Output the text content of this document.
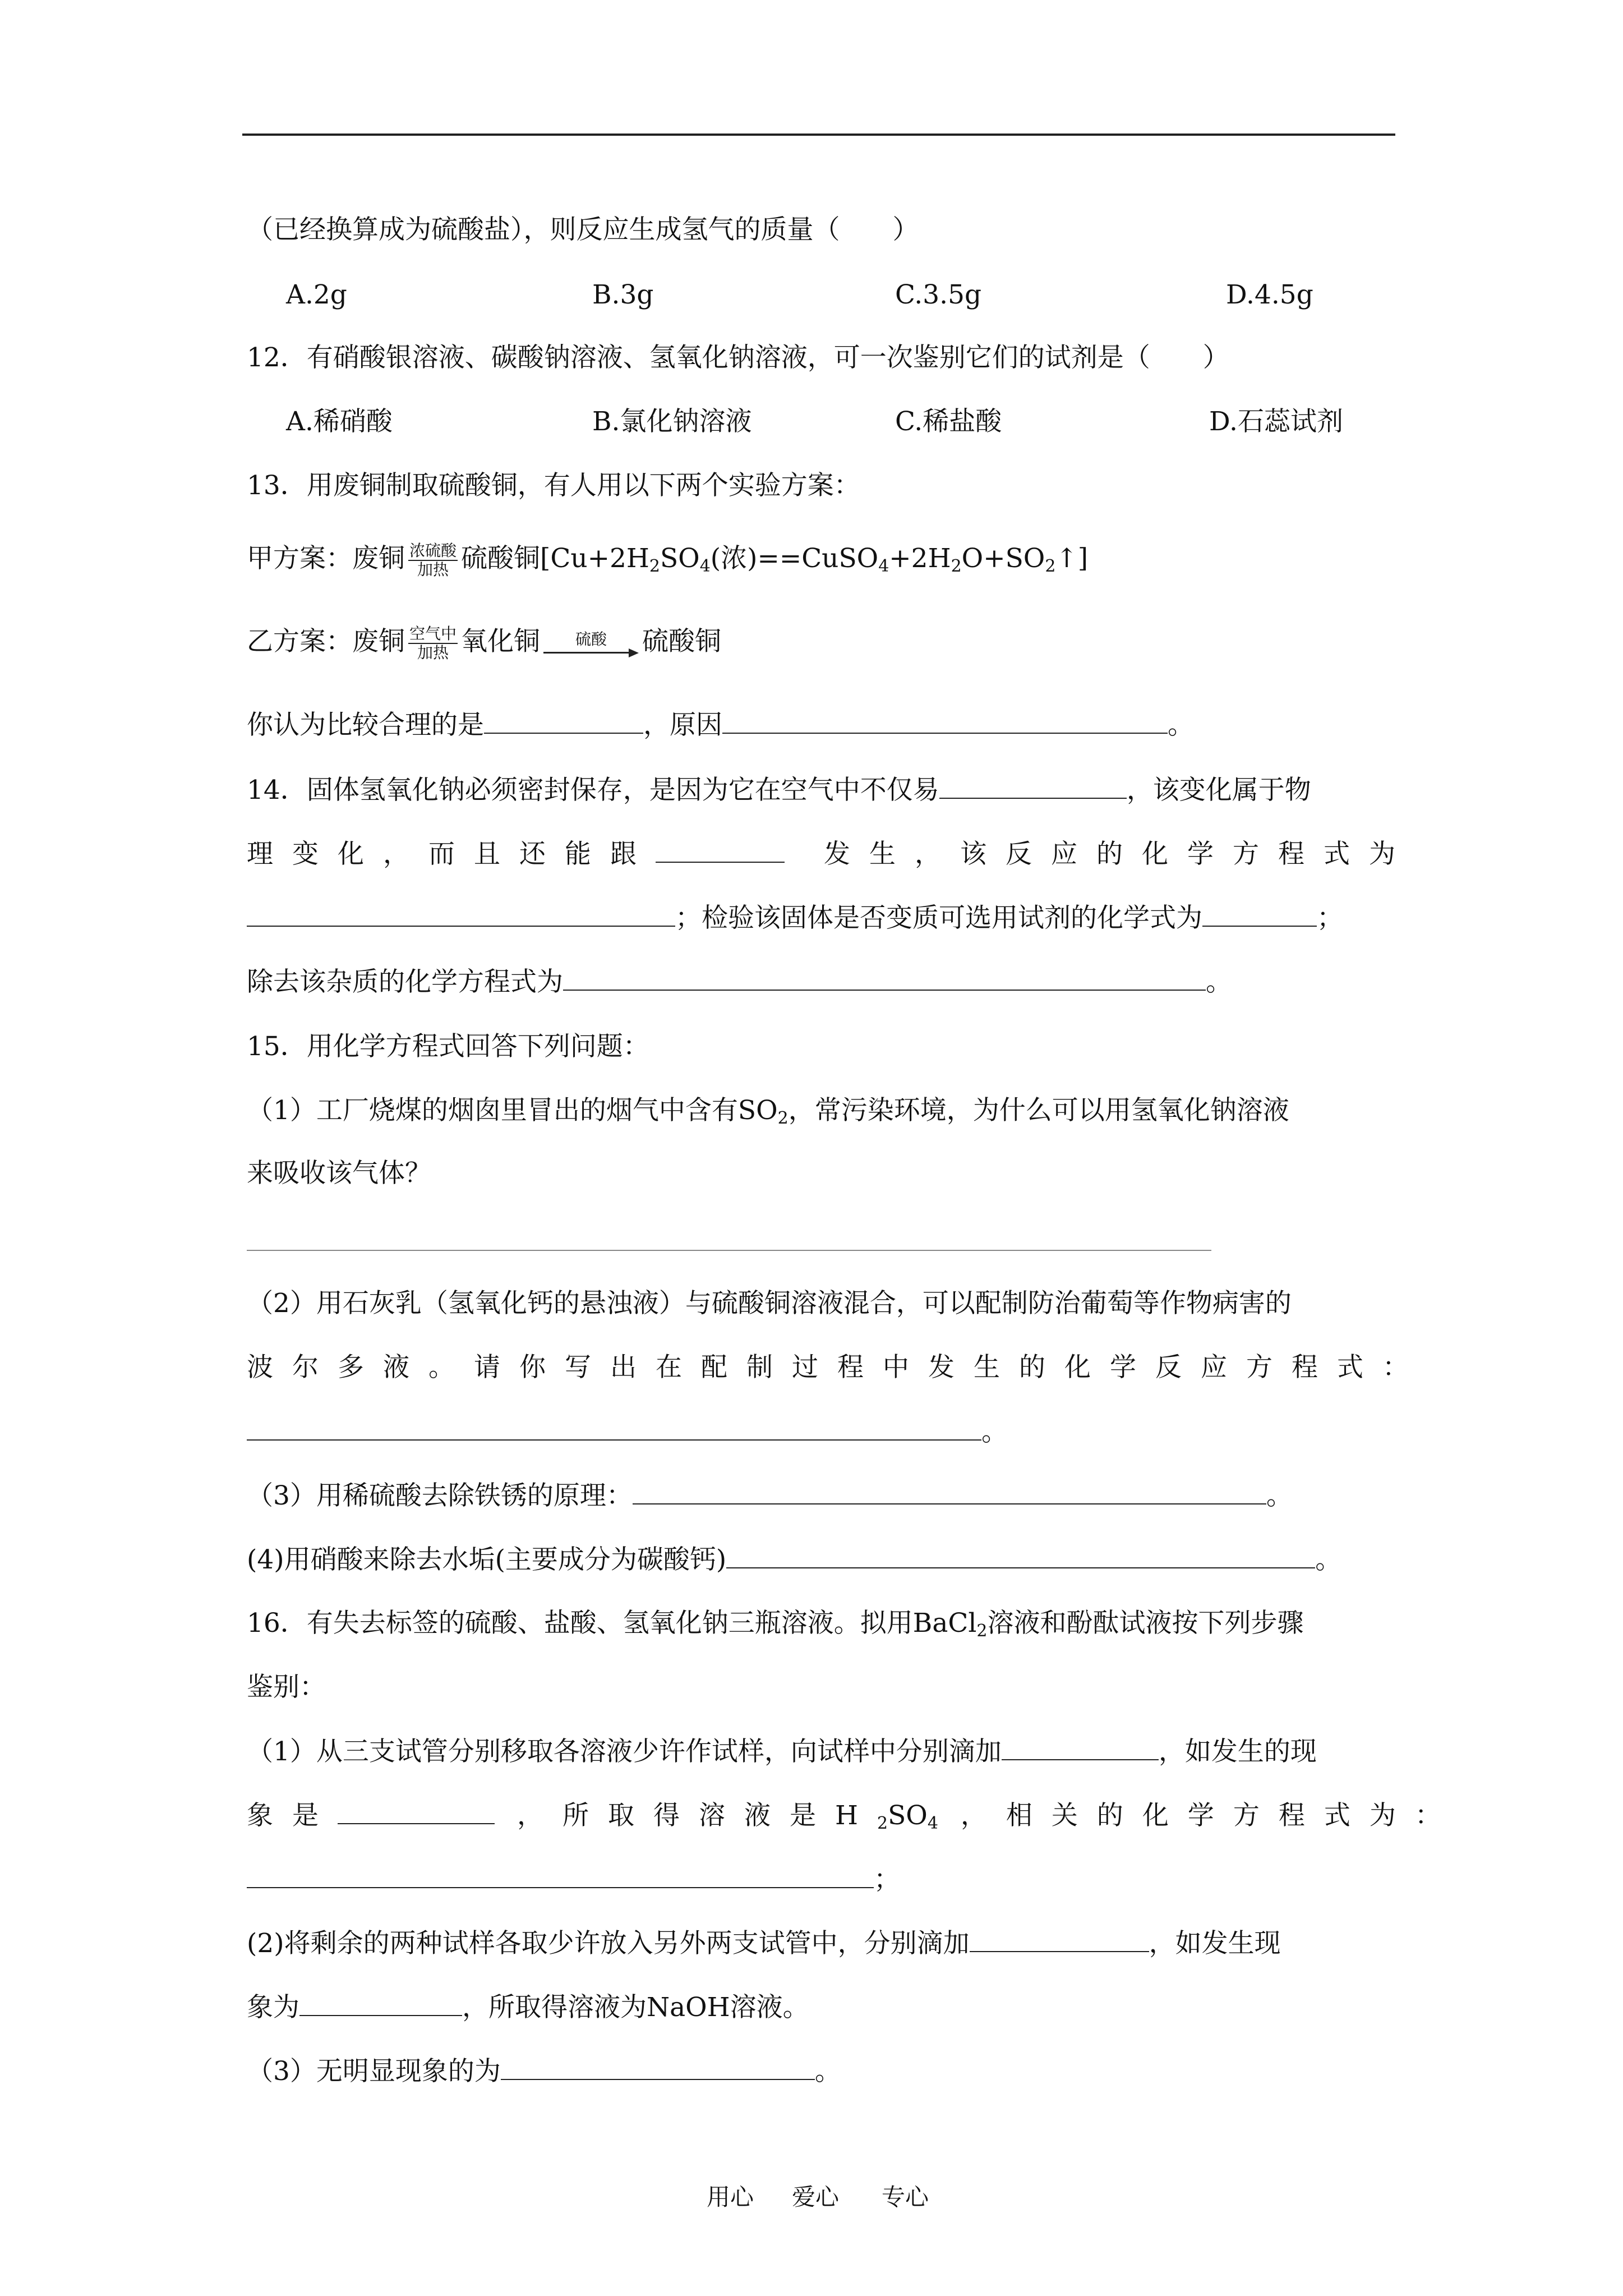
（已经换算成为硫酸盐），则反应生成氢气的质量（　　）
A.2g	B.3g	C.3.5g	D.4.5g
12．有硝酸银溶液、碳酸钠溶液、氢氧化钠溶液，可一次鉴别它们的试剂是（　　）
A.稀硝酸	B.氯化钠溶液	C.稀盐酸	D.石蕊试剂
13．用废铜制取硫酸铜，有人用以下两个实验方案：
甲方案：废铜 $\frac{\text{浓硫酸}}{\text{加热}}$ 硫酸铜[$Cu+2H_2SO_4$(浓)$==CuSO_4+2H_2O+SO_2↑$]
乙方案：废铜 $\frac{\text{空气中}}{\text{加热}}$ 氧化铜	硫酸	硫酸铜
你认为比较合理的是	，原因	。
14．固体氢氧化钠必须密封保存，是因为它在空气中不仅易	，该变化属于物
理变化，而且还能跟	发生，该反应的化学方程式为
；检验该固体是否变质可选用试剂的化学式为	；
除去该杂质的化学方程式为	。
15．用化学方程式回答下列问题：
（1）工厂烧煤的烟囱里冒出的烟气中含有$SO_2$，常污染环境，为什么可以用氢氧化钠溶液
来吸收该气体？
（2）用石灰乳（氢氧化钙的悬浊液）与硫酸铜溶液混合，可以配制防治葡萄等作物病害的
波尔多液。请你写出在配制过程中发生的化学反应方程式：
。
（3）用稀硫酸去除铁锈的原理：	。
(4)用硝酸来除去水垢(主要成分为碳酸钙)	。
16．有失去标签的硫酸、盐酸、氢氧化钠三瓶溶液。拟用BaCl$_2$溶液和酚酞试液按下列步骤
鉴别：
（1）从三支试管分别移取各溶液少许作试样，向试样中分别滴加	，如发生的现
象是	，所取得溶液是$H_2SO_4$ ，相关的化学方程式为：
；
(2)将剩余的两种试样各取少许放入另外两支试管中，分别滴加	，如发生现
象为	，所取得溶液为NaOH溶液。
（3）无明显现象的为	。
用心 爱心 专心
